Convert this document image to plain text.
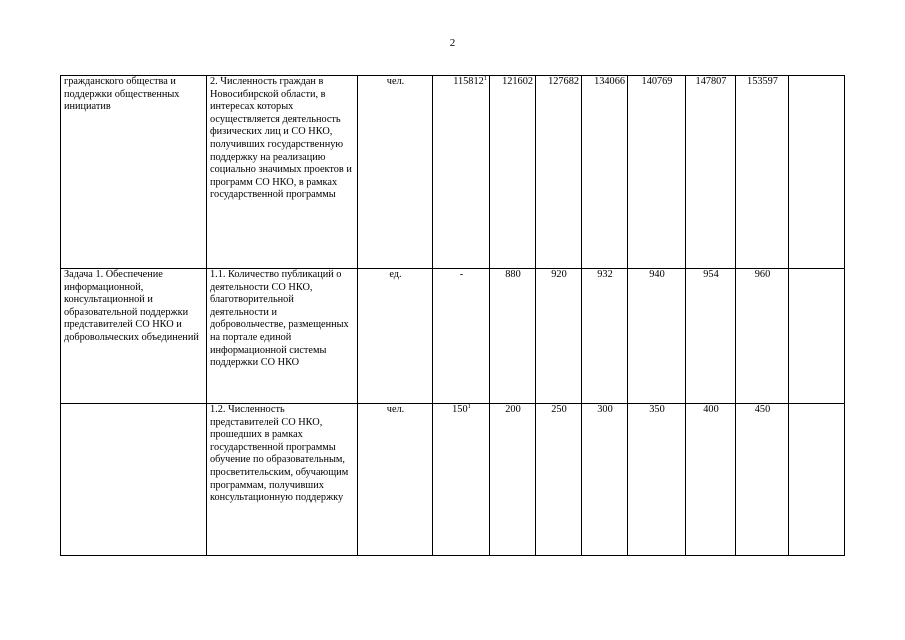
2
гражданского общества и поддержки общественных инициатив	2. Численность граждан в Новосибирской области, в интересах которых осуществляется деятельность физических лиц и СО НКО, получивших государственную поддержку на реализацию социально значимых проектов и программ СО НКО, в рамках государственной программы	чел.	115812$^1$	121602	127682	134066	140769	147807	153597	
Задача 1. Обеспечение информационной, консультационной и образовательной поддержки представителей СО НКО и добровольческих объединений	1.1. Количество публикаций о деятельности СО НКО, благотворительной деятельности и добровольчестве, размещенных на портале единой информационной системы поддержки СО НКО	ед.	-	880	920	932	940	954	960	
	1.2. Численность представителей СО НКО, прошедших в рамках государственной программы обучение по образовательным, просветительским, обучающим программам, получивших консультационную поддержку	чел.	$150^1$	200	250	300	350	400	450	
